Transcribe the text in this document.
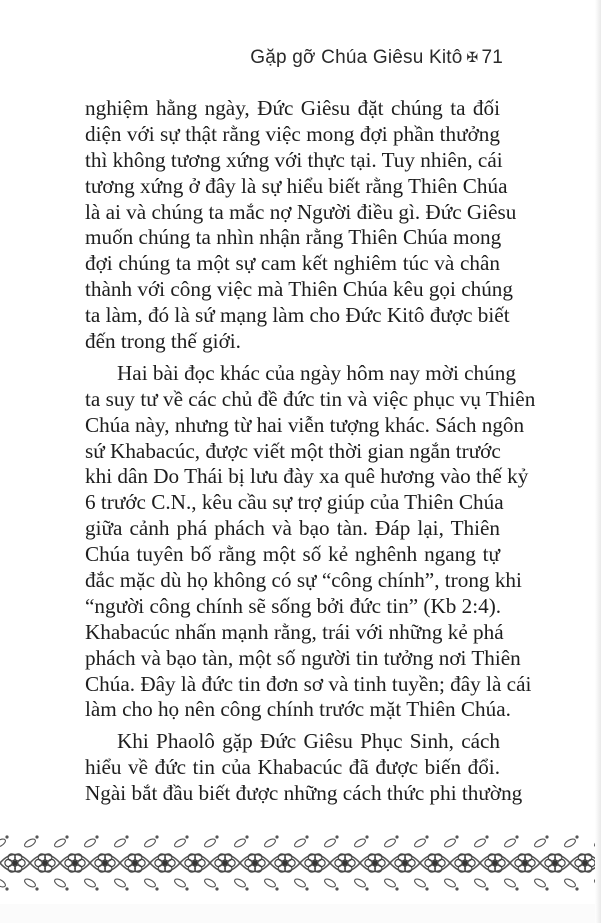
Gặp gỡ Chúa Giêsu Kitô ✠ 71
nghiệm hằng ngày, Đức Giêsu đặt chúng ta đối
diện với sự thật rằng việc mong đợi phần thưởng
thì không tương xứng với thực tại. Tuy nhiên, cái
tương xứng ở đây là sự hiểu biết rằng Thiên Chúa
là ai và chúng ta mắc nợ Người điều gì. Đức Giêsu
muốn chúng ta nhìn nhận rằng Thiên Chúa mong
đợi chúng ta một sự cam kết nghiêm túc và chân
thành với công việc mà Thiên Chúa kêu gọi chúng
ta làm, đó là sứ mạng làm cho Đức Kitô được biết
đến trong thế giới.
Hai bài đọc khác của ngày hôm nay mời chúng
ta suy tư về các chủ đề đức tin và việc phục vụ Thiên
Chúa này, nhưng từ hai viễn tượng khác. Sách ngôn
sứ Khabacúc, được viết một thời gian ngắn trước
khi dân Do Thái bị lưu đày xa quê hương vào thế kỷ
6 trước C.N., kêu cầu sự trợ giúp của Thiên Chúa
giữa cảnh phá phách và bạo tàn. Đáp lại, Thiên
Chúa tuyên bố rằng một số kẻ nghênh ngang tự
đắc mặc dù họ không có sự “công chính”, trong khi
“người công chính sẽ sống bởi đức tin” (Kb 2:4).
Khabacúc nhấn mạnh rằng, trái với những kẻ phá
phách và bạo tàn, một số người tin tưởng nơi Thiên
Chúa. Đây là đức tin đơn sơ và tinh tuyền; đây là cái
làm cho họ nên công chính trước mặt Thiên Chúa.
Khi Phaolô gặp Đức Giêsu Phục Sinh, cách
hiểu về đức tin của Khabacúc đã được biến đổi.
Ngài bắt đầu biết được những cách thức phi thường
